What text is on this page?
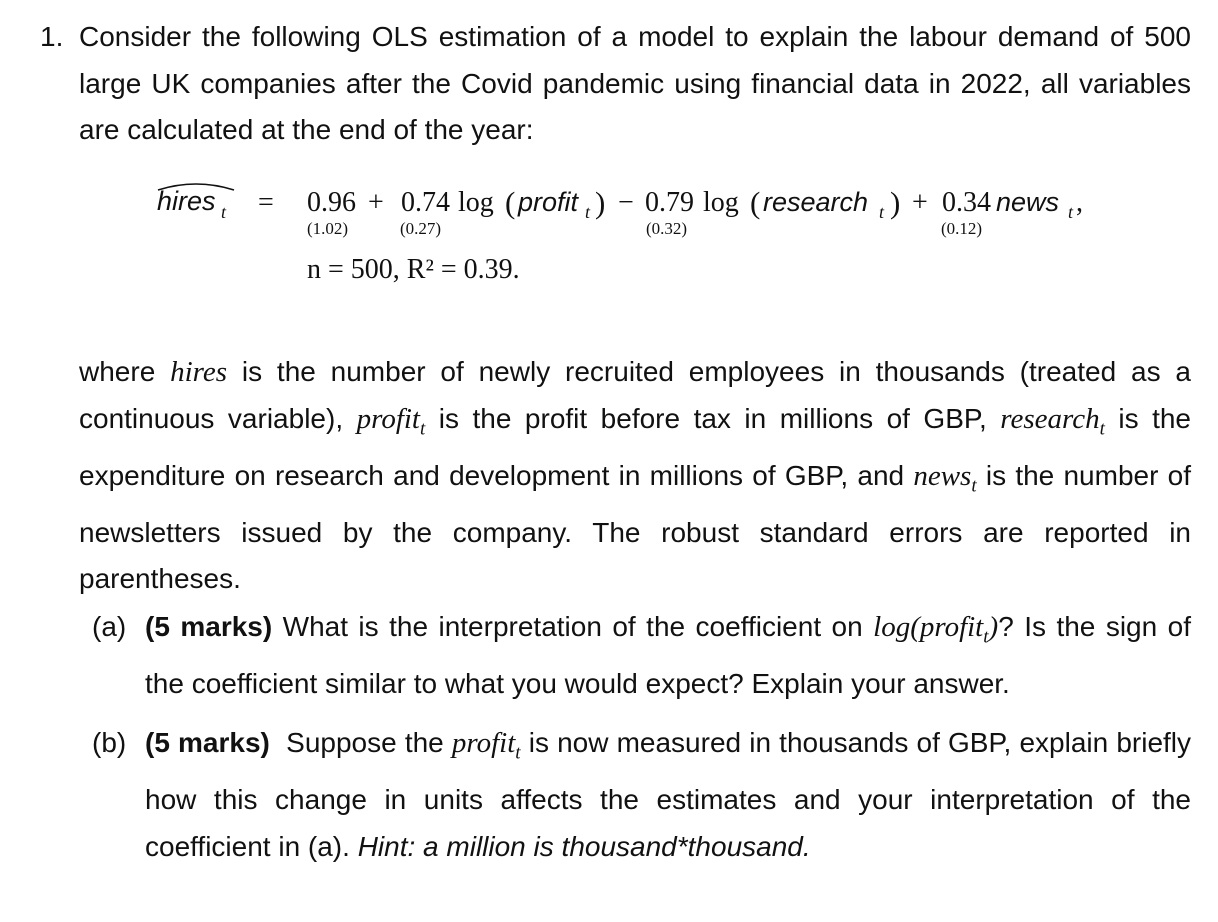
1. Consider the following OLS estimation of a model to explain the labour demand of 500 large UK companies after the Covid pandemic using financial data in 2022, all variables are calculated at the end of the year:
hires t = 0.96 + 0.74 log ( profit t ) − 0.79 log ( research t ) + 0.34 news t ,
(1.02)	(0.27)	(0.32)	(0.12)
n = 500, R² = 0.39.
where hires is the number of newly recruited employees in thousands (treated as a continuous variable), profit$_t$ is the profit before tax in millions of GBP, research$_t$ is the expenditure on research and development in millions of GBP, and news$_t$ is the number of newsletters issued by the company. The robust standard errors are reported in parentheses.
(a) (5 marks) What is the interpretation of the coefficient on log(profit$_t$)? Is the sign of the coefficient similar to what you would expect? Explain your answer.
(b) (5 marks)  Suppose the profit$_t$ is now measured in thousands of GBP, explain briefly how this change in units affects the estimates and your interpretation of the coefficient in (a). Hint: a million is thousand*thousand.
